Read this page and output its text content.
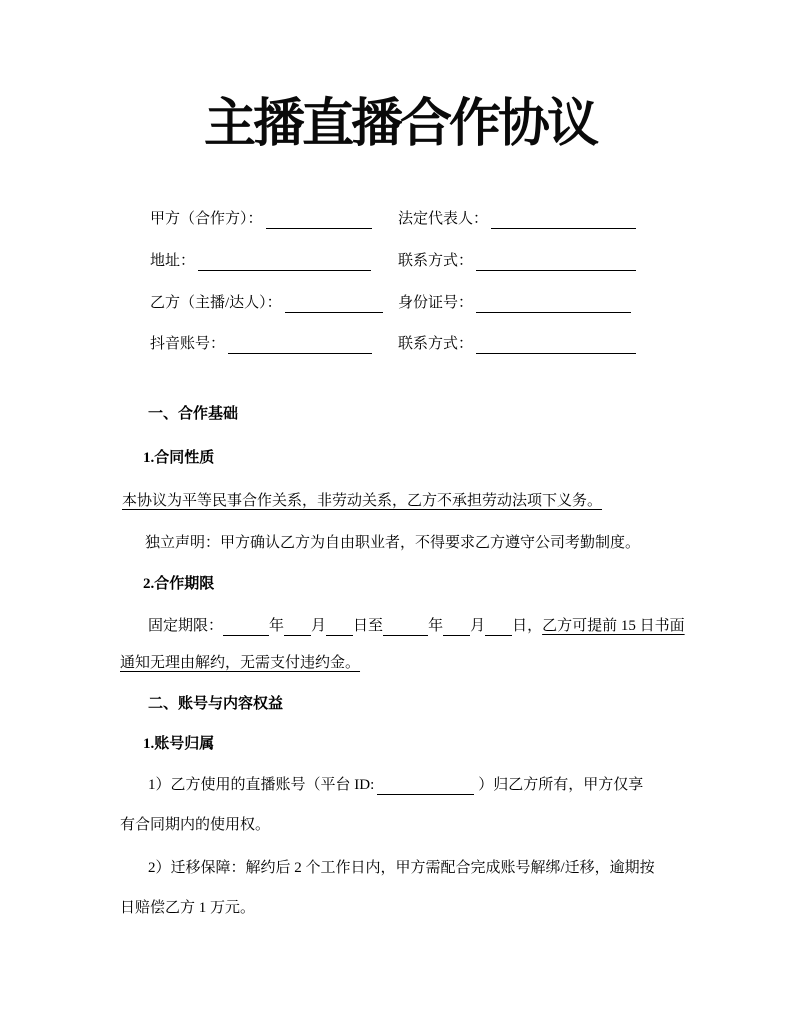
主播直播合作协议
甲方（合作方）：	法定代表人：
地址：	联系方式：
乙方（主播/达人）：	身份证号：
抖音账号：	联系方式：
一、合作基础
1.合同性质
本协议为平等民事合作关系，非劳动关系，乙方不承担劳动法项下义务。
独立声明：甲方确认乙方为自由职业者，不得要求乙方遵守公司考勤制度。
2.合作期限
固定期限：	年 月 日至	年 月 日，乙方可提前 15 日书面
通知无理由解约，无需支付违约金。
二、账号与内容权益
1.账号归属
1）乙方使用的直播账号（平台 ID:	）归乙方所有，甲方仅享
有合同期内的使用权。
2）迁移保障：解约后 2 个工作日内，甲方需配合完成账号解绑/迁移，逾期按
日赔偿乙方 1 万元。
